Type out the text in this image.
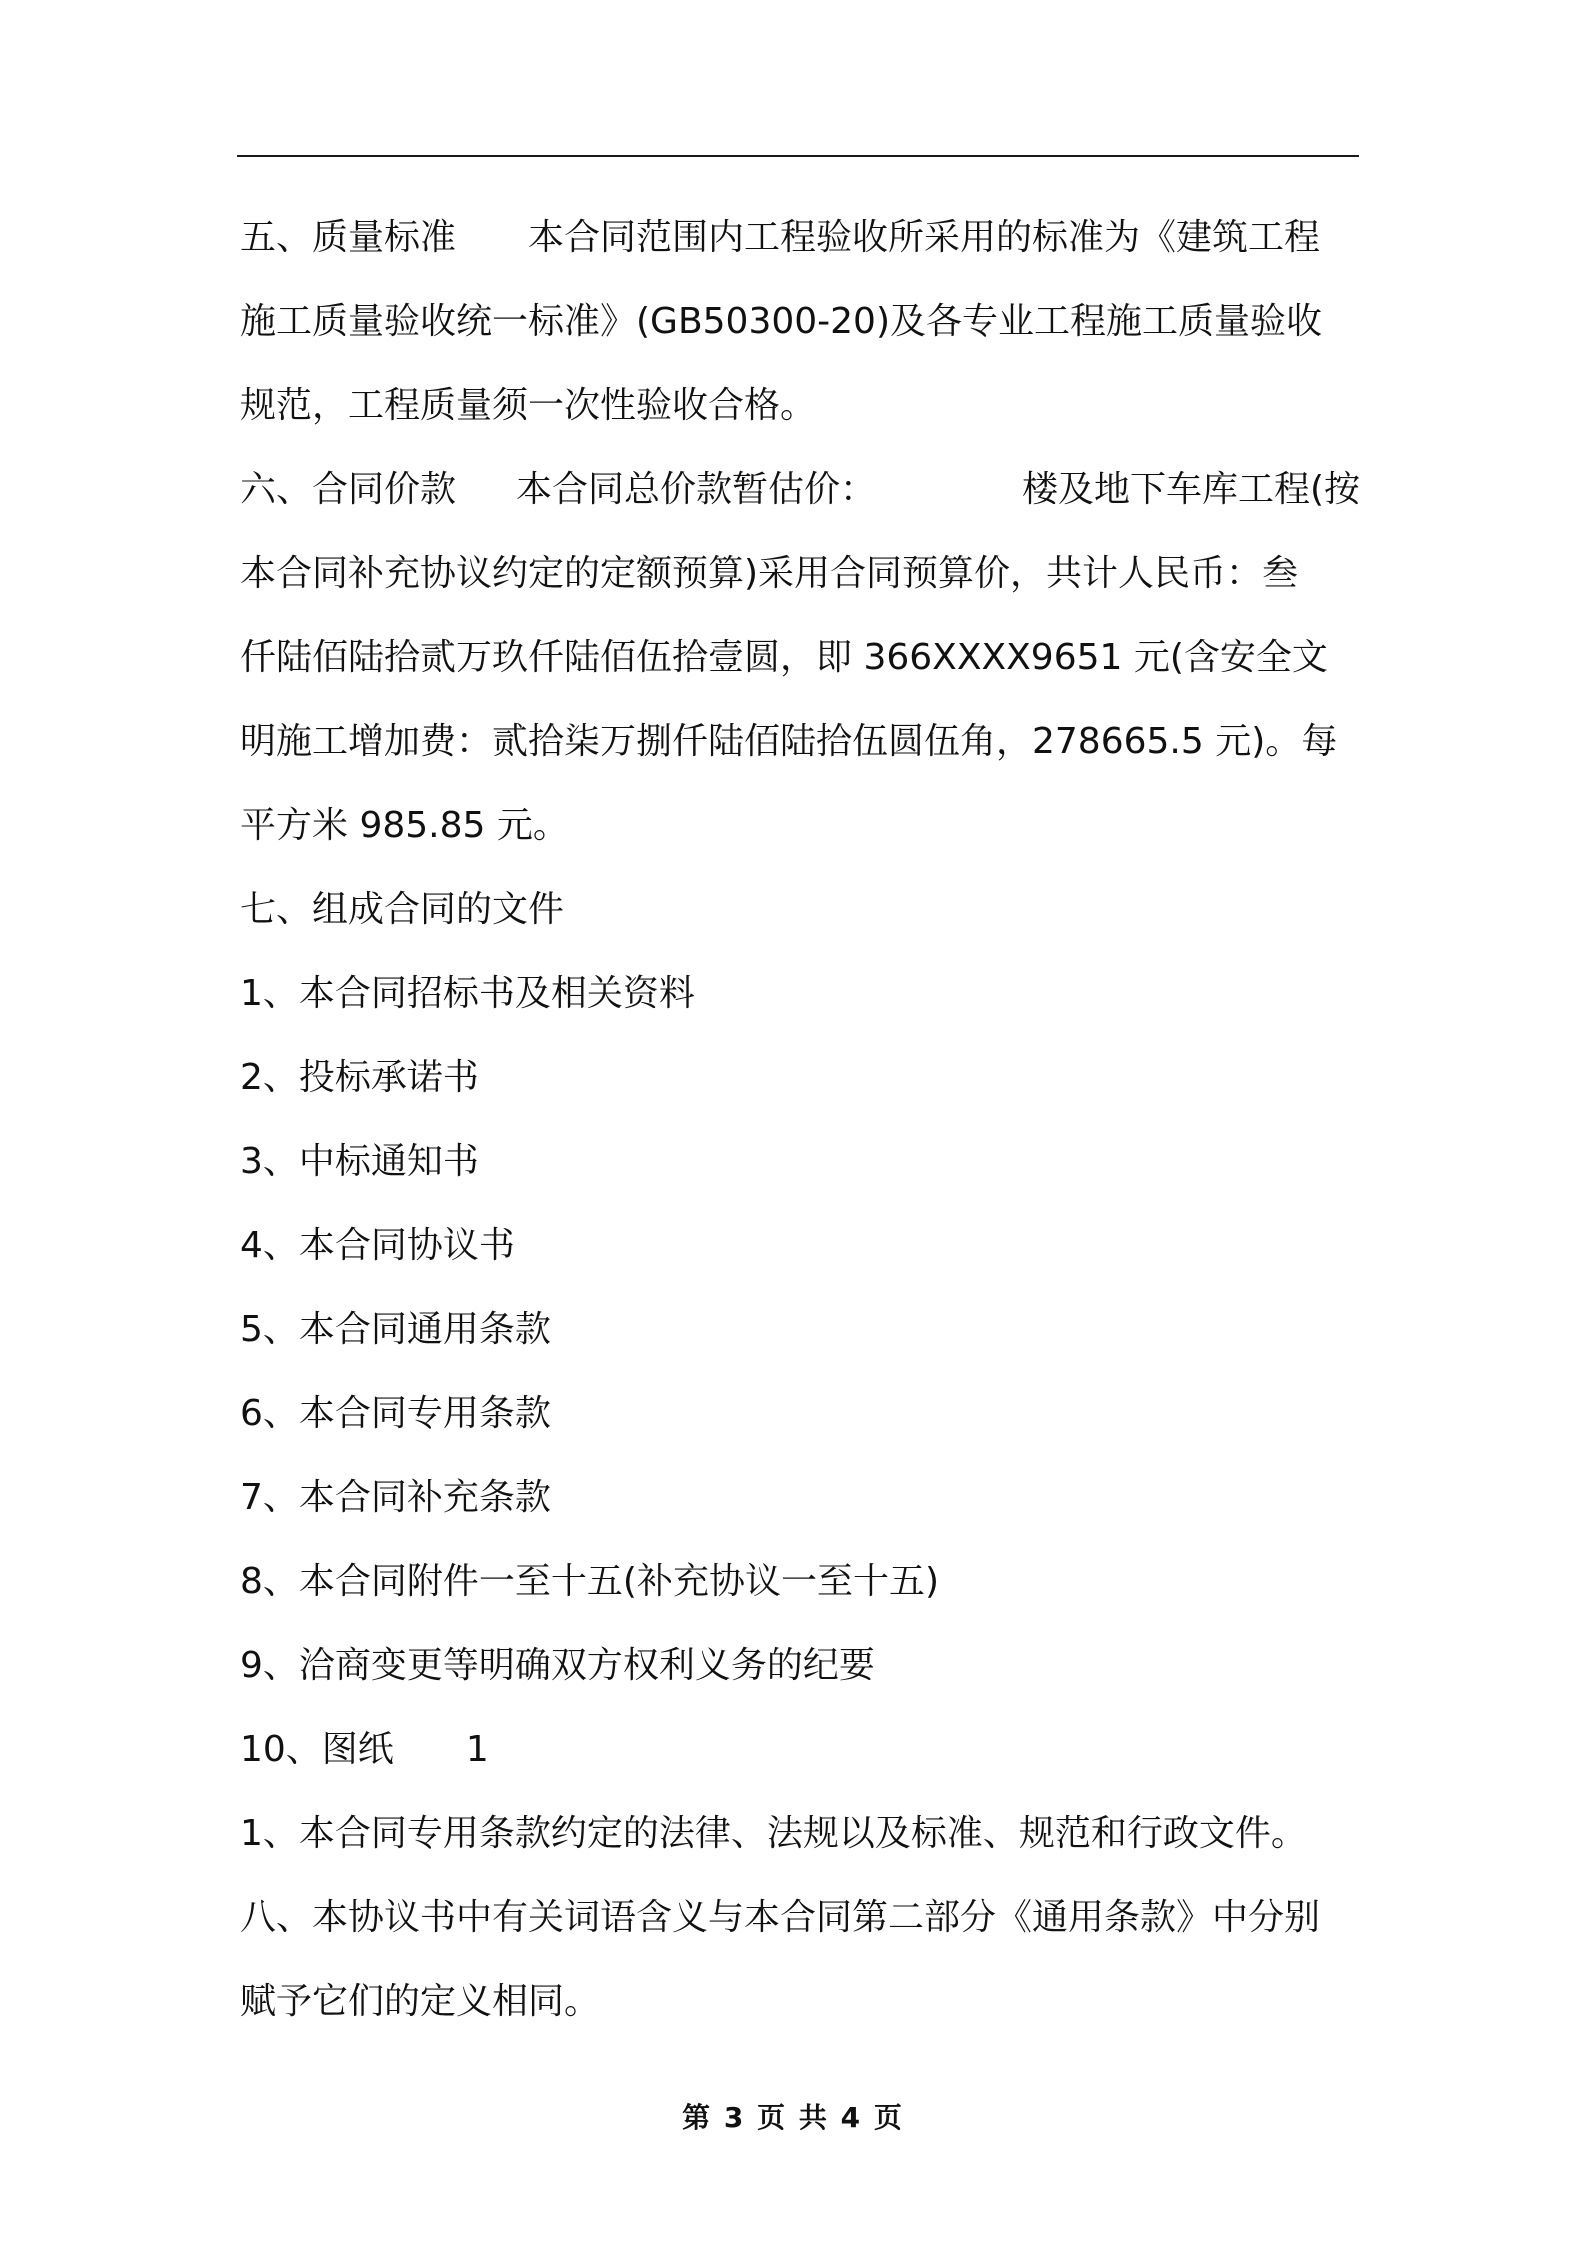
五、质量标准 本合同范围内工程验收所采用的标准为《建筑工程
施工质量验收统一标准》(GB50300-20)及各专业工程施工质量验收
规范，工程质量须一次性验收合格。
六、合同价款 本合同总价款暂估价：	楼及地下车库工程(按
本合同补充协议约定的定额预算)采用合同预算价，共计人民币：叁
仟陆佰陆拾贰万玖仟陆佰伍拾壹圆，即 366XXXX9651 元(含安全文
明施工增加费：贰拾柒万捌仟陆佰陆拾伍圆伍角，278665.5 元)。每
平方米 985.85 元。
七、组成合同的文件
1、本合同招标书及相关资料
2、投标承诺书
3、中标通知书
4、本合同协议书
5、本合同通用条款
6、本合同专用条款
7、本合同补充条款
8、本合同附件一至十五(补充协议一至十五)
9、洽商变更等明确双方权利义务的纪要
10、图纸 1
1、本合同专用条款约定的法律、法规以及标准、规范和行政文件。
八、本协议书中有关词语含义与本合同第二部分《通用条款》中分别
赋予它们的定义相同。
第 3 页 共 4 页
